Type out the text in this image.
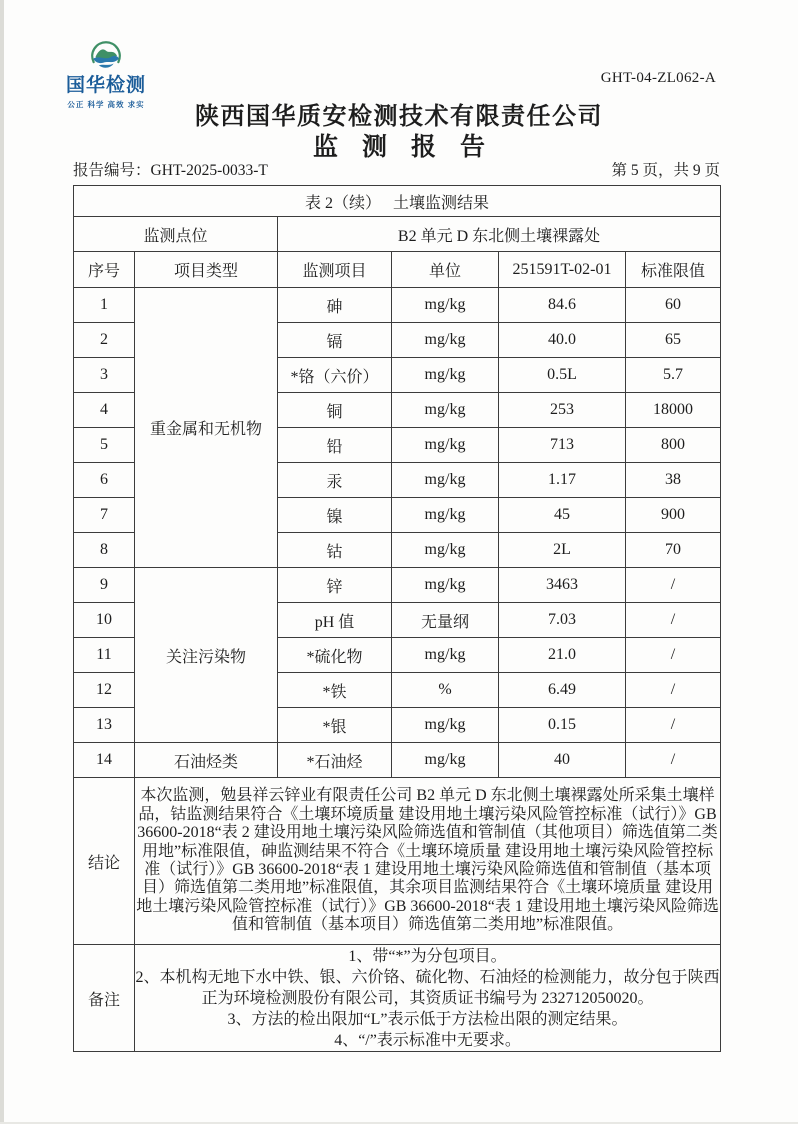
国华检测
公正 科学 高效 求实
GHT-04-ZL062-A
陕西国华质安检测技术有限责任公司
监测报告
报告编号：GHT-2025-0033-T	第 5 页，共 9 页
表 2（续）　 土壤监测结果					
监测点位		B2 单元 D 东北侧土壤裸露处			
序号	项目类型	监测项目	单位	251591T-02-01	标准限值
1	重金属和无机物	砷	mg/kg	84.6	60
2		镉	mg/kg	40.0	65
3		*铬（六价）	mg/kg	0.5L	5.7
4		铜	mg/kg	253	18000
5		铅	mg/kg	713	800
6		汞	mg/kg	1.17	38
7		镍	mg/kg	45	900
8		钴	mg/kg	2L	70
9	关注污染物	锌	mg/kg	3463	/
10		pH 值	无量纲	7.03	/
11		*硫化物	mg/kg	21.0	/
12		*铁	%	6.49	/
13		*银	mg/kg	0.15	/
14	石油烃类	*石油烃	mg/kg	40	/
结论	本次监测，勉县祥云锌业有限责任公司 B2 单元 D 东北侧土壤裸露处所采集土壤样品，钴监测结果符合《土壤环境质量 建设用地土壤污染风险管控标准（试行）》GB 36600-2018“表 2 建设用地土壤污染风险筛选值和管制值（其他项目）筛选值第二类用地”标准限值，砷监测结果不符合《土壤环境质量 建设用地土壤污染风险管控标准（试行）》GB 36600-2018“表 1 建设用地土壤污染风险筛选值和管制值（基本项目）筛选值第二类用地”标准限值，其余项目监测结果符合《土壤环境质量 建设用地土壤污染风险管控标准（试行）》GB 36600-2018“表 1 建设用地土壤污染风险筛选值和管制值（基本项目）筛选值第二类用地”标准限值。				
备注	1、带“*”为分包项目。
2、本机构无地下水中铁、银、六价铬、硫化物、石油烃的检测能力，故分包于陕西正为环境检测股份有限公司，其资质证书编号为 232712050020。
3、方法的检出限加“L”表示低于方法检出限的测定结果。
4、“/”表示标准中无要求。				
